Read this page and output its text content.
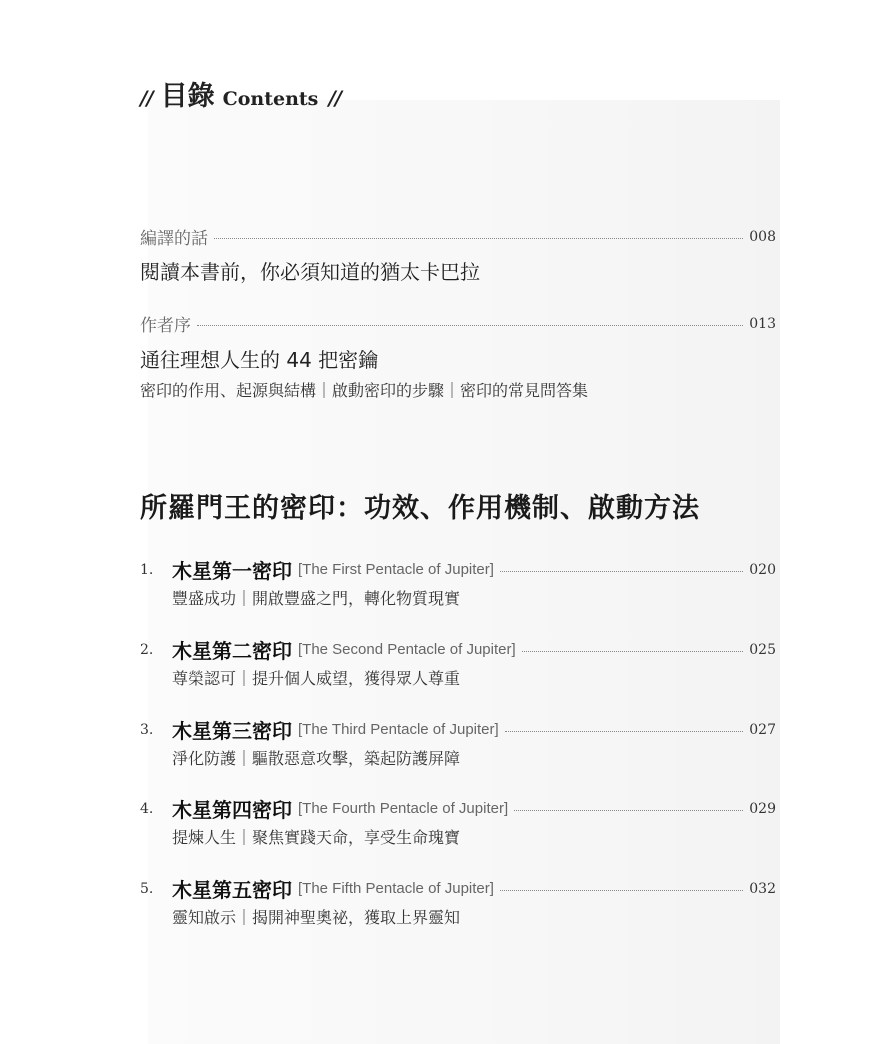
// 目錄 Contents //
編譯的話	008
閱讀本書前，你必須知道的猶太卡巴拉
作者序	013
通往理想人生的 44 把密鑰
密印的作用、起源與結構｜啟動密印的步驟｜密印的常見問答集
所羅門王的密印：功效、作用機制、啟動方法
1. 木星第一密印 [The First Pentacle of Jupiter]	020
豐盛成功｜開啟豐盛之門，轉化物質現實
2. 木星第二密印 [The Second Pentacle of Jupiter]	025
尊榮認可｜提升個人威望，獲得眾人尊重
3. 木星第三密印 [The Third Pentacle of Jupiter]	027
淨化防護｜驅散惡意攻擊，築起防護屏障
4. 木星第四密印 [The Fourth Pentacle of Jupiter]	029
提煉人生｜聚焦實踐天命，享受生命瑰寶
5. 木星第五密印 [The Fifth Pentacle of Jupiter]	032
靈知啟示｜揭開神聖奧祕，獲取上界靈知
